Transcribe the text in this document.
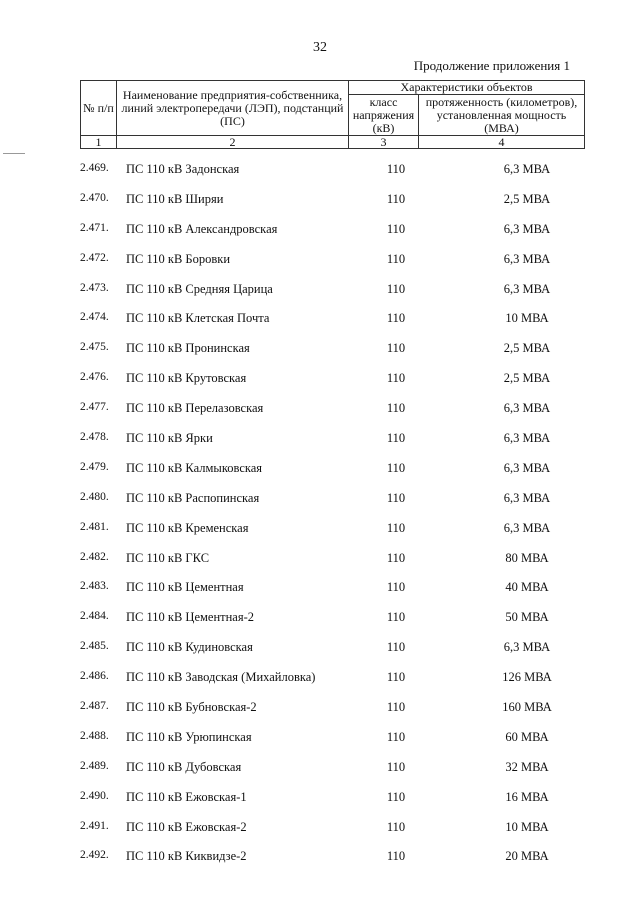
32
Продолжение приложения 1
№ п/п	Наименование предприятия-собственника, линий электропередачи (ЛЭП), подстанций (ПС)	Характеристики объектов	
		класс напряжения (кВ)	протяженность (километров), установленная мощность (МВА)
1	2	3	4
2.469.	ПС 110 кВ Задонская	110	6,3 МВА
2.470.	ПС 110 кВ Ширяи	110	2,5 МВА
2.471.	ПС 110 кВ Александровская	110	6,3 МВА
2.472.	ПС 110 кВ Боровки	110	6,3 МВА
2.473.	ПС 110 кВ Средняя Царица	110	6,3 МВА
2.474.	ПС 110 кВ Клетская Почта	110	10 МВА
2.475.	ПС 110 кВ Пронинская	110	2,5 МВА
2.476.	ПС 110 кВ Крутовская	110	2,5 МВА
2.477.	ПС 110 кВ Перелазовская	110	6,3 МВА
2.478.	ПС 110 кВ Ярки	110	6,3 МВА
2.479.	ПС 110 кВ Калмыковская	110	6,3 МВА
2.480.	ПС 110 кВ Распопинская	110	6,3 МВА
2.481.	ПС 110 кВ Кременская	110	6,3 МВА
2.482.	ПС 110 кВ ГКС	110	80 МВА
2.483.	ПС 110 кВ Цементная	110	40 МВА
2.484.	ПС 110 кВ Цементная-2	110	50 МВА
2.485.	ПС 110 кВ Кудиновская	110	6,3 МВА
2.486.	ПС 110 кВ Заводская (Михайловка)	110	126 МВА
2.487.	ПС 110 кВ Бубновская-2	110	160 МВА
2.488.	ПС 110 кВ Урюпинская	110	60 МВА
2.489.	ПС 110 кВ Дубовская	110	32 МВА
2.490.	ПС 110 кВ Ежовская-1	110	16 МВА
2.491.	ПС 110 кВ Ежовская-2	110	10 МВА
2.492.	ПС 110 кВ Киквидзе-2	110	20 МВА
